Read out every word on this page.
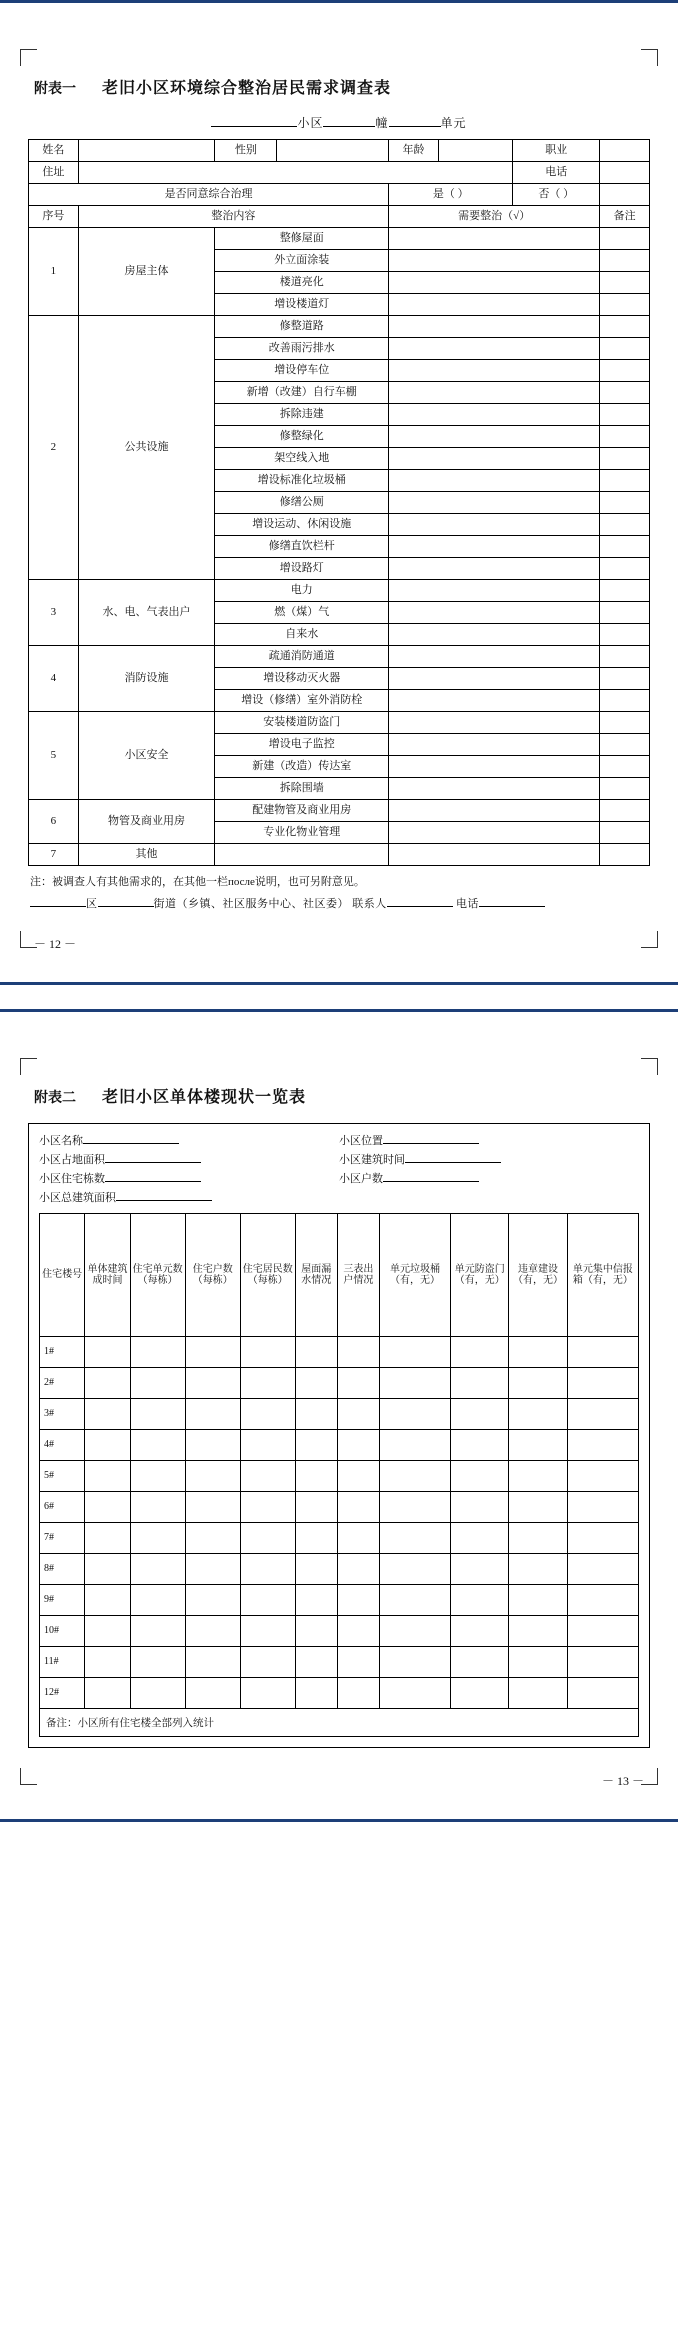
附表一 老旧小区环境综合整治居民需求调查表
小区	幢	单元
姓名		性别		年龄		职业	
住址						电话	
是否同意综合治理				是（ ）		否（ ）	
序号	整治内容			需要整治（√）			备注
1	房屋主体	整修屋面					
		外立面涂装					
		楼道亮化					
		增设楼道灯					
2	公共设施	修整道路					
		改善雨污排水					
		增设停车位					
		新增（改建）自行车棚					
		拆除违建					
		修整绿化					
		架空线入地					
		增设标准化垃圾桶					
		修缮公厕					
		增设运动、休闲设施					
		修缮直饮栏杆					
		增设路灯					
3	水、电、气表出户	电力					
		燃（煤）气					
		自来水					
4	消防设施	疏通消防通道					
		增设移动灭火器					
		增设（修缮）室外消防栓					
5	小区安全	安装楼道防盗门					
		增设电子监控					
		新建（改造）传达室					
		拆除围墙					
6	物管及商业用房	配建物管及商业用房					
		专业化物业管理					
7	其他						
注：被调查人有其他需求的，在其他一栏после说明，也可另附意见。
区	街道（乡镇、社区服务中心、社区委） 联系人	电话
－ 12 －
附表二 老旧小区单体楼现状一览表
小区名称	小区位置
小区占地面积	小区建筑时间
小区住宅栋数	小区户数
小区总建筑面积
住宅楼号	单体建筑成时间	住宅单元数（每栋）	住宅户数（每栋）	住宅居民数（每栋）	屋面漏水情况	三表出户情况	单元垃圾桶（有，无）	单元防盗门（有，无）	违章建设（有，无）	单元集中信报箱（有，无）
1#										
2#										
3#										
4#										
5#										
6#										
7#										
8#										
9#										
10#										
11#										
12#										
备注：小区所有住宅楼全部列入统计
－ 13 －
